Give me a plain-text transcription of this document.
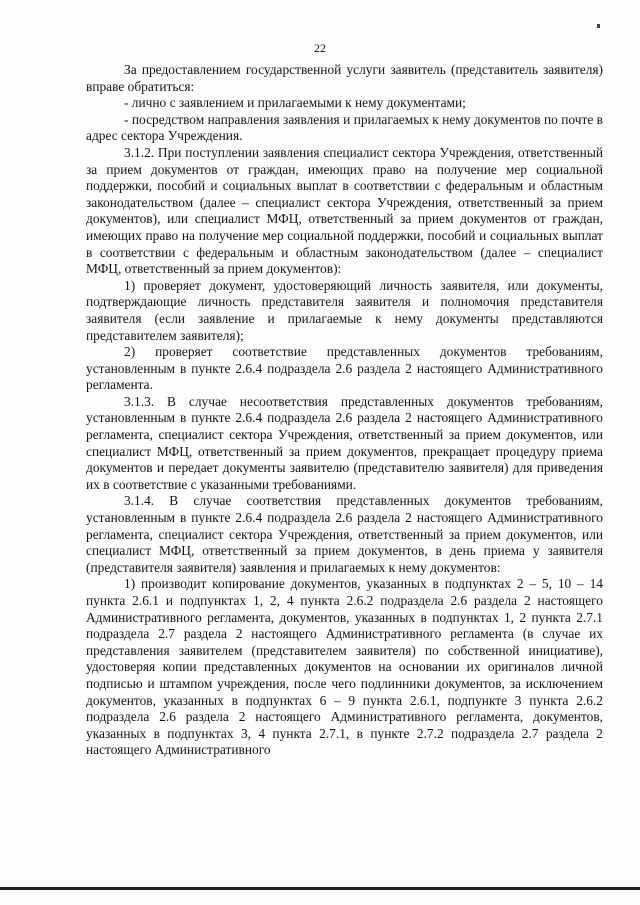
22

За предоставлением государственной услуги заявитель (представитель заявителя) вправе обратиться:

- лично с заявлением и прилагаемыми к нему документами;

- посредством направления заявления и прилагаемых к нему документов по почте в адрес сектора Учреждения.

3.1.2. При поступлении заявления специалист сектора Учреждения, ответственный за прием документов от граждан, имеющих право на получение мер социальной поддержки, пособий и социальных выплат в соответствии с федеральным и областным законодательством (далее – специалист сектора Учреждения, ответственный за прием документов), или специалист МФЦ, ответственный за прием документов от граждан, имеющих право на получение мер социальной поддержки, пособий и социальных выплат в соответствии с федеральным и областным законодательством (далее – специалист МФЦ, ответственный за прием документов):

1) проверяет документ, удостоверяющий личность заявителя, или документы, подтверждающие личность представителя заявителя и полномочия представителя заявителя (если заявление и прилагаемые к нему документы представляются представителем заявителя);

2) проверяет соответствие представленных документов требованиям, установленным в пункте 2.6.4 подраздела 2.6 раздела 2 настоящего Административного регламента.

3.1.3. В случае несоответствия представленных документов требованиям, установленным в пункте 2.6.4 подраздела 2.6 раздела 2 настоящего Административного регламента, специалист сектора Учреждения, ответственный за прием документов, или специалист МФЦ, ответственный за прием документов, прекращает процедуру приема документов и передает документы заявителю (представителю заявителя) для приведения их в соответствие с указанными требованиями.

3.1.4. В случае соответствия представленных документов требованиям, установленным в пункте 2.6.4 подраздела 2.6 раздела 2 настоящего Административного регламента, специалист сектора Учреждения, ответственный за прием документов, или специалист МФЦ, ответственный за прием документов, в день приема у заявителя (представителя заявителя) заявления и прилагаемых к нему документов:

1) производит копирование документов, указанных в подпунктах 2 – 5, 10 – 14 пункта 2.6.1 и подпунктах 1, 2, 4 пункта 2.6.2 подраздела 2.6 раздела 2 настоящего Административного регламента, документов, указанных в подпунктах 1, 2 пункта 2.7.1 подраздела 2.7 раздела 2 настоящего Административного регламента (в случае их представления заявителем (представителем заявителя) по собственной инициативе), удостоверяя копии представленных документов на основании их оригиналов личной подписью и штампом учреждения, после чего подлинники документов, за исключением документов, указанных в подпунктах 6 – 9 пункта 2.6.1, подпункте 3 пункта 2.6.2 подраздела 2.6 раздела 2 настоящего Административного регламента, документов, указанных в подпунктах 3, 4 пункта 2.7.1, в пункте 2.7.2 подраздела 2.7 раздела 2 настоящего Административного
